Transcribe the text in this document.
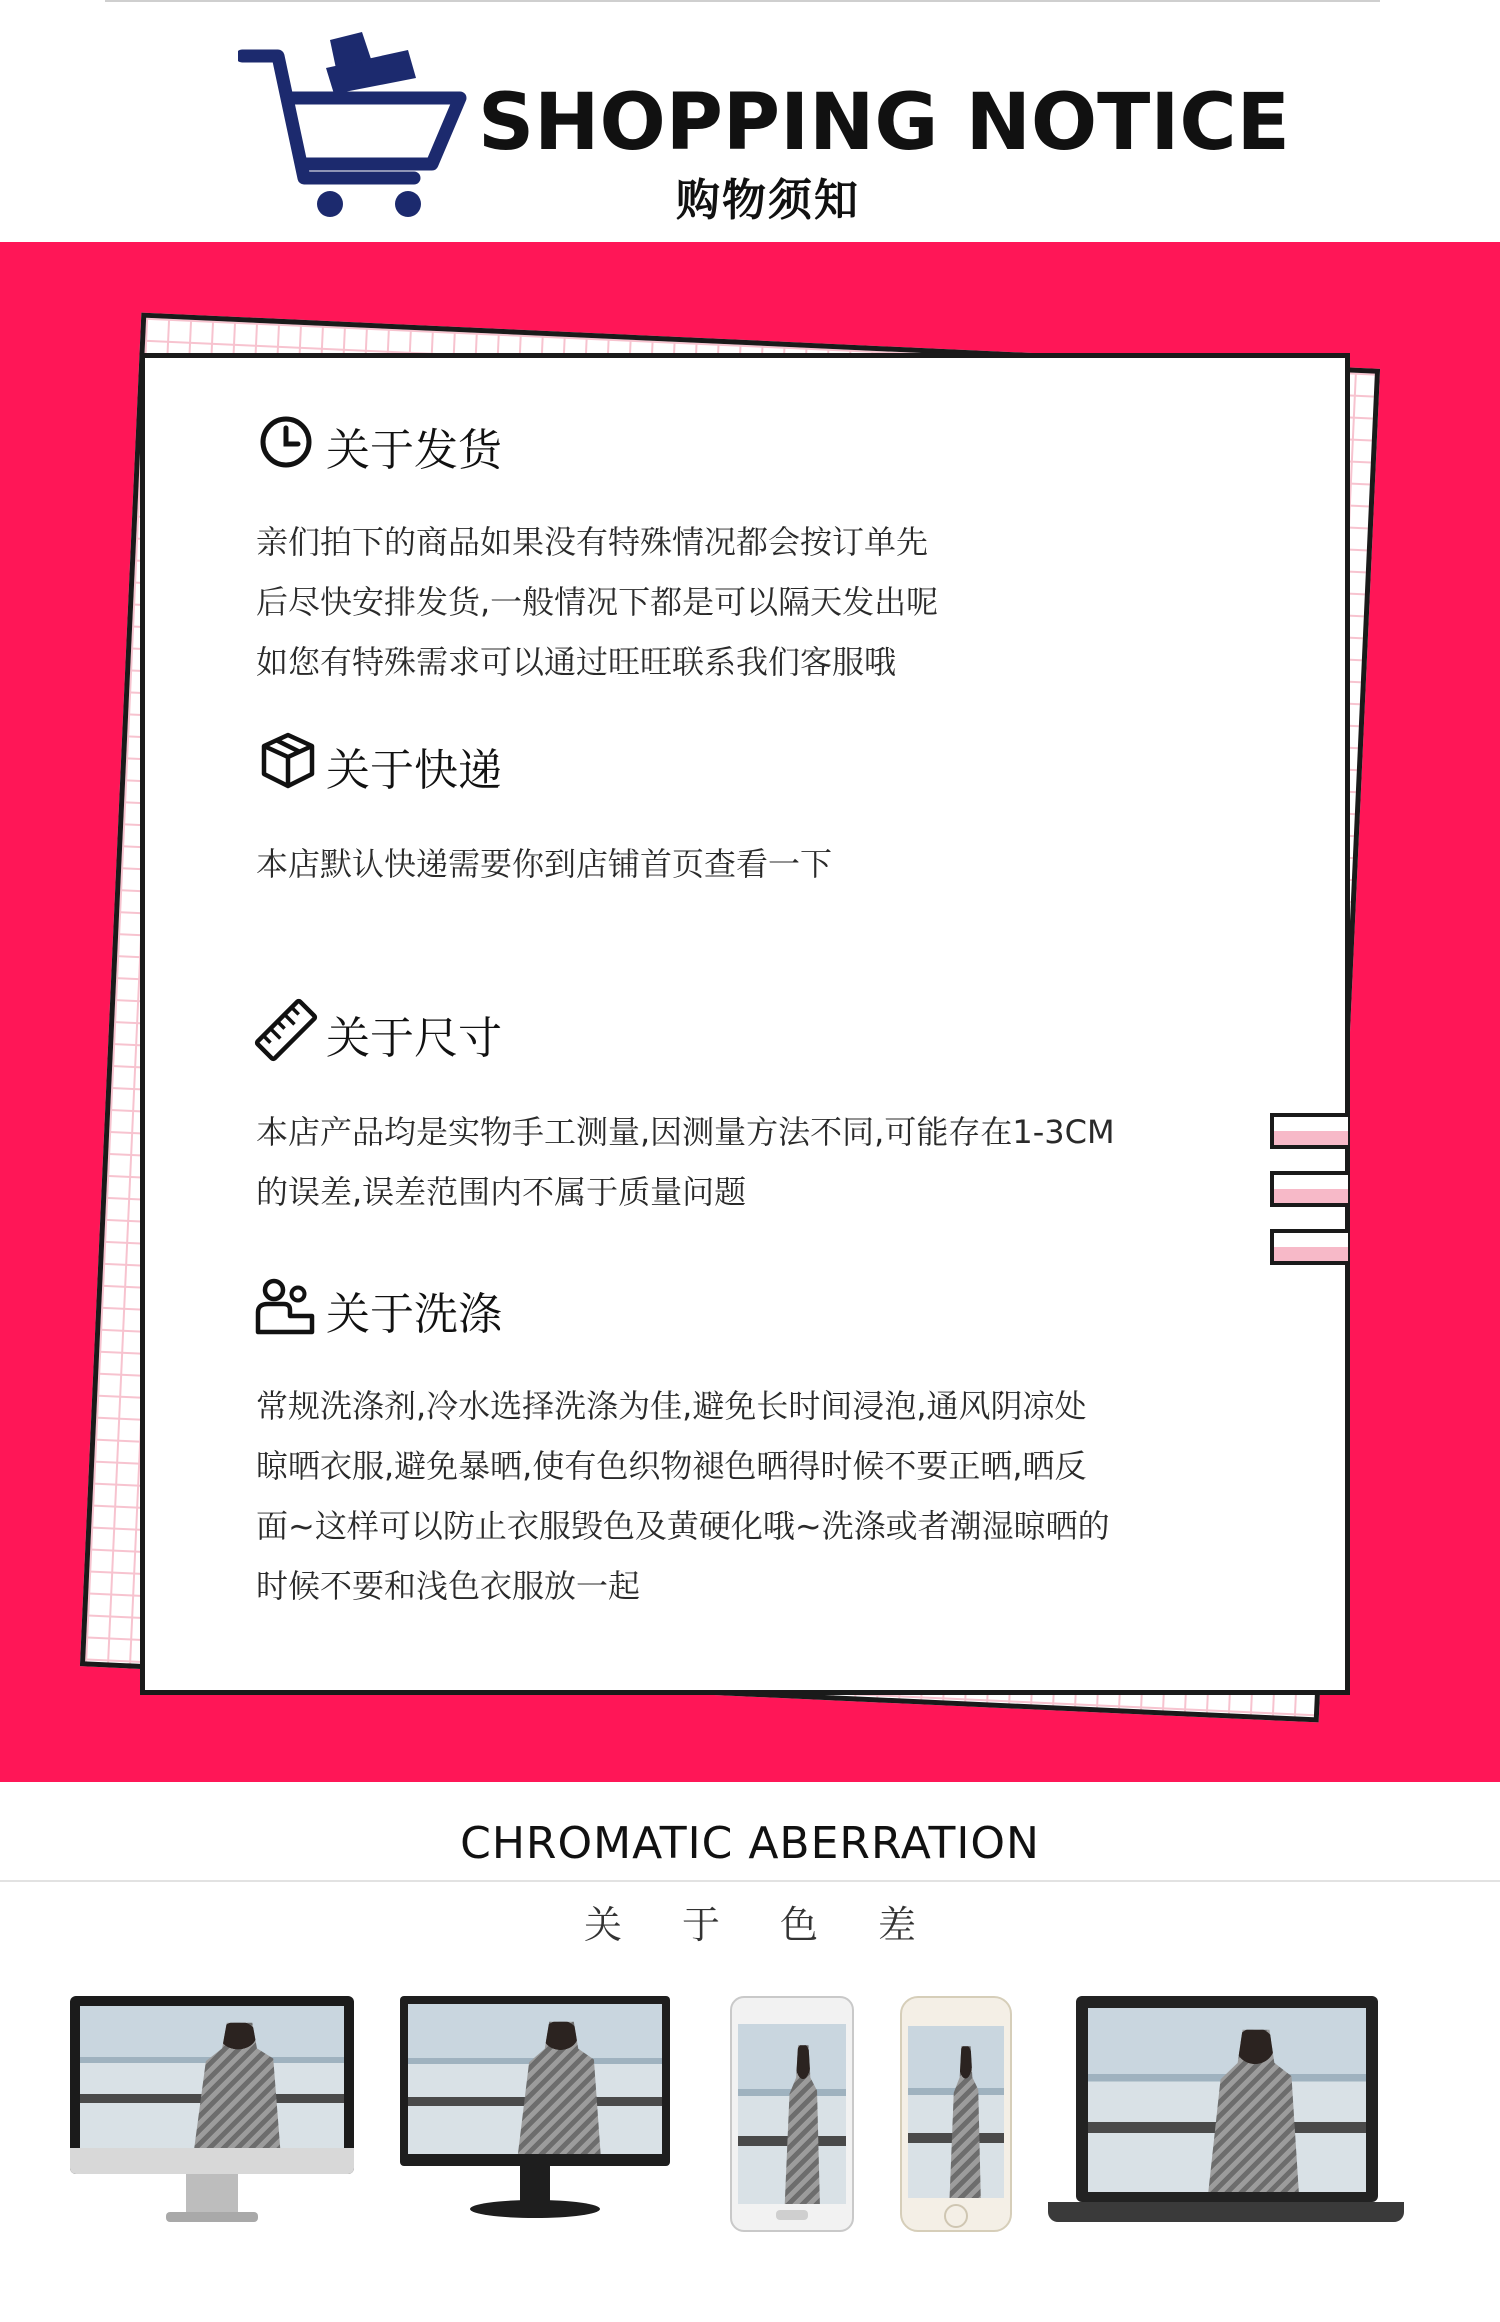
SHOPPING NOTICE
购物须知
关于发货
亲们拍下的商品如果没有特殊情况都会按订单先
后尽快安排发货,一般情况下都是可以隔天发出呢
如您有特殊需求可以通过旺旺联系我们客服哦
关于快递
本店默认快递需要你到店铺首页查看一下
关于尺寸
本店产品均是实物手工测量,因测量方法不同,可能存在1-3CM
的误差,误差范围内不属于质量问题
关于洗涤
常规洗涤剂,冷水选择洗涤为佳,避免长时间浸泡,通风阴凉处
晾晒衣服,避免暴晒,使有色织物褪色晒得时候不要正晒,晒反
面~这样可以防止衣服毁色及黄硬化哦~洗涤或者潮湿晾晒的
时候不要和浅色衣服放一起
CHROMATIC ABERRATION
关于色差
